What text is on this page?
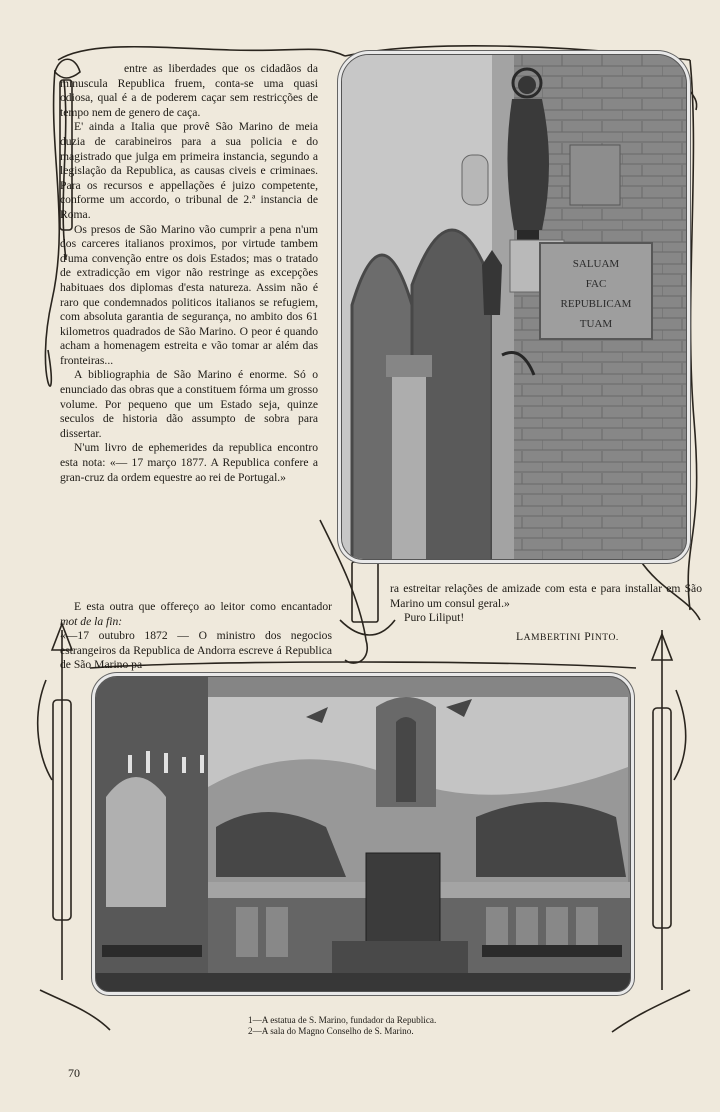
entre as liberdades que os cidadãos da minuscula Republica fruem, conta-se uma quasi odiosa, qual é a de poderem caçar sem restricções de tempo nem de genero de caça.

E' ainda a Italia que provê São Marino de meia duzia de carabineiros para a sua policia e do magistrado que julga em primeira instancia, segundo a legislação da Republica, as causas civeis e criminaes. Para os recursos e appellações é juizo competente, conforme um accordo, o tribunal de 2.ª instancia de Roma.

Os presos de São Marino vão cumprir a pena n'um dos carceres italianos proximos, por virtude tambem d'uma convenção entre os dois Estados; mas o tratado de extradicção em vigor não restringe as excepções habituaes dos diplomas d'esta natureza. Assim não é raro que condemnados politicos italianos se refugiem, com absoluta garantia de segurança, no ambito dos 61 kilometros quadrados de São Marino. O peor é quando acham a homenagem estreita e vão tomar ar além das fronteiras...

A bibliographia de São Marino é enorme. Só o enunciado das obras que a constituem fórma um grosso volume. Por pequeno que um Estado seja, quinze seculos de historia dão assumpto de sobra para dissertar.

N'um livro de ephemerides da republica encontro esta nota: «— 17 março 1877. A Republica confere a gran-cruz da ordem equestre ao rei de Portugal.»

E esta outra que offereço ao leitor como encantador mot de la fin:

«—17 outubro 1872 — O ministro dos negocios estrangeiros da Republica de Andorra escreve á Republica de São Marino pa-

ra estreitar relações de amizade com esta e para installar em São Marino um consul geral.»

Puro Liliput!

LAMBERTINI PINTO.
SALUAM
FAC
REPUBLICAM
TUAM
1—A estatua de S. Marino, fundador da Republica.
2—A sala do Magno Conselho de S. Marino.
70
